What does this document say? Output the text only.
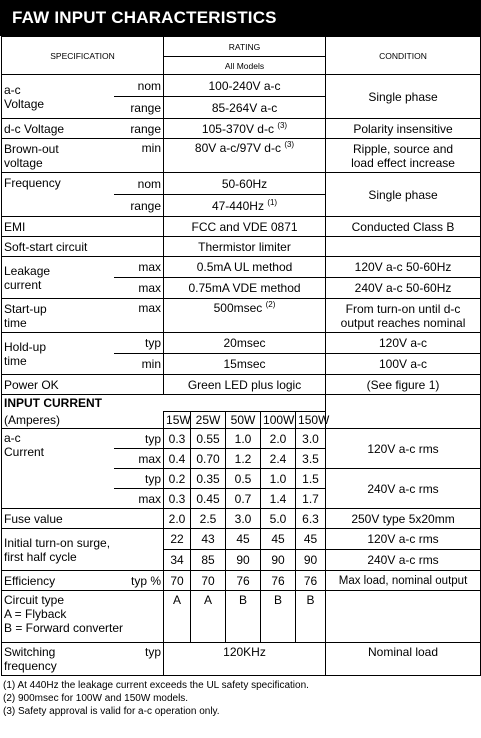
FAW INPUT CHARACTERISTICS
SPECIFICATION		RATING					CONDITION
		All Models					
a-c
Voltage	nom	100-240V a-c					Single phase
	range	85-264V a-c					
d-c Voltage	range	105-370V d-c $^{(3)}$					Polarity insensitive
Brown-out
voltage	min	80V a-c/97V d-c $^{(3)}$					Ripple, source and
load effect increase
Frequency	nom	50-60Hz					Single phase
	range	47-440Hz $^{(1)}$
EMI		FCC and VDE 0871					Conducted Class B
Soft-start circuit		Thermistor limiter					
Leakage
current	max	0.5mA UL method					120V a-c 50-60Hz
	max	0.75mA VDE method					240V a-c 50-60Hz
Start-up
time	max	500msec $^{(2)}$					From turn-on until d-c
output reaches nominal
Hold-up
time	typ	20msec					120V a-c
	min	15msec					100V a-c
Power OK		Green LED plus logic					(See figure 1)
INPUT CURRENT							
(Amperes)		15W	25W	50W	100W	150W	
a-c
Current	typ	0.3	0.55	1.0	2.0	3.0	120V a-c rms
	max	0.4	0.70	1.2	2.4	3.5	
	typ	0.2	0.35	0.5	1.0	1.5	240V a-c rms
	max	0.3	0.45	0.7	1.4	1.7	
Fuse value		2.0	2.5	3.0	5.0	6.3	250V type 5x20mm
Initial turn-on surge,
first half cycle		22	43	45	45	45	120V a-c rms
		34	85	90	90	90	240V a-c rms
Efficiency	typ %	70	70	76	76	76	Max load, nominal output
Circuit type
A = Flyback
B = Forward converter		A	A	B	B	B	
Switching
frequency	typ	120KHz					Nominal load
(1) At 440Hz the leakage current exceeds the UL safety specification.
(2) 900msec for 100W and 150W models.
(3) Safety approval is valid for a-c operation only.
